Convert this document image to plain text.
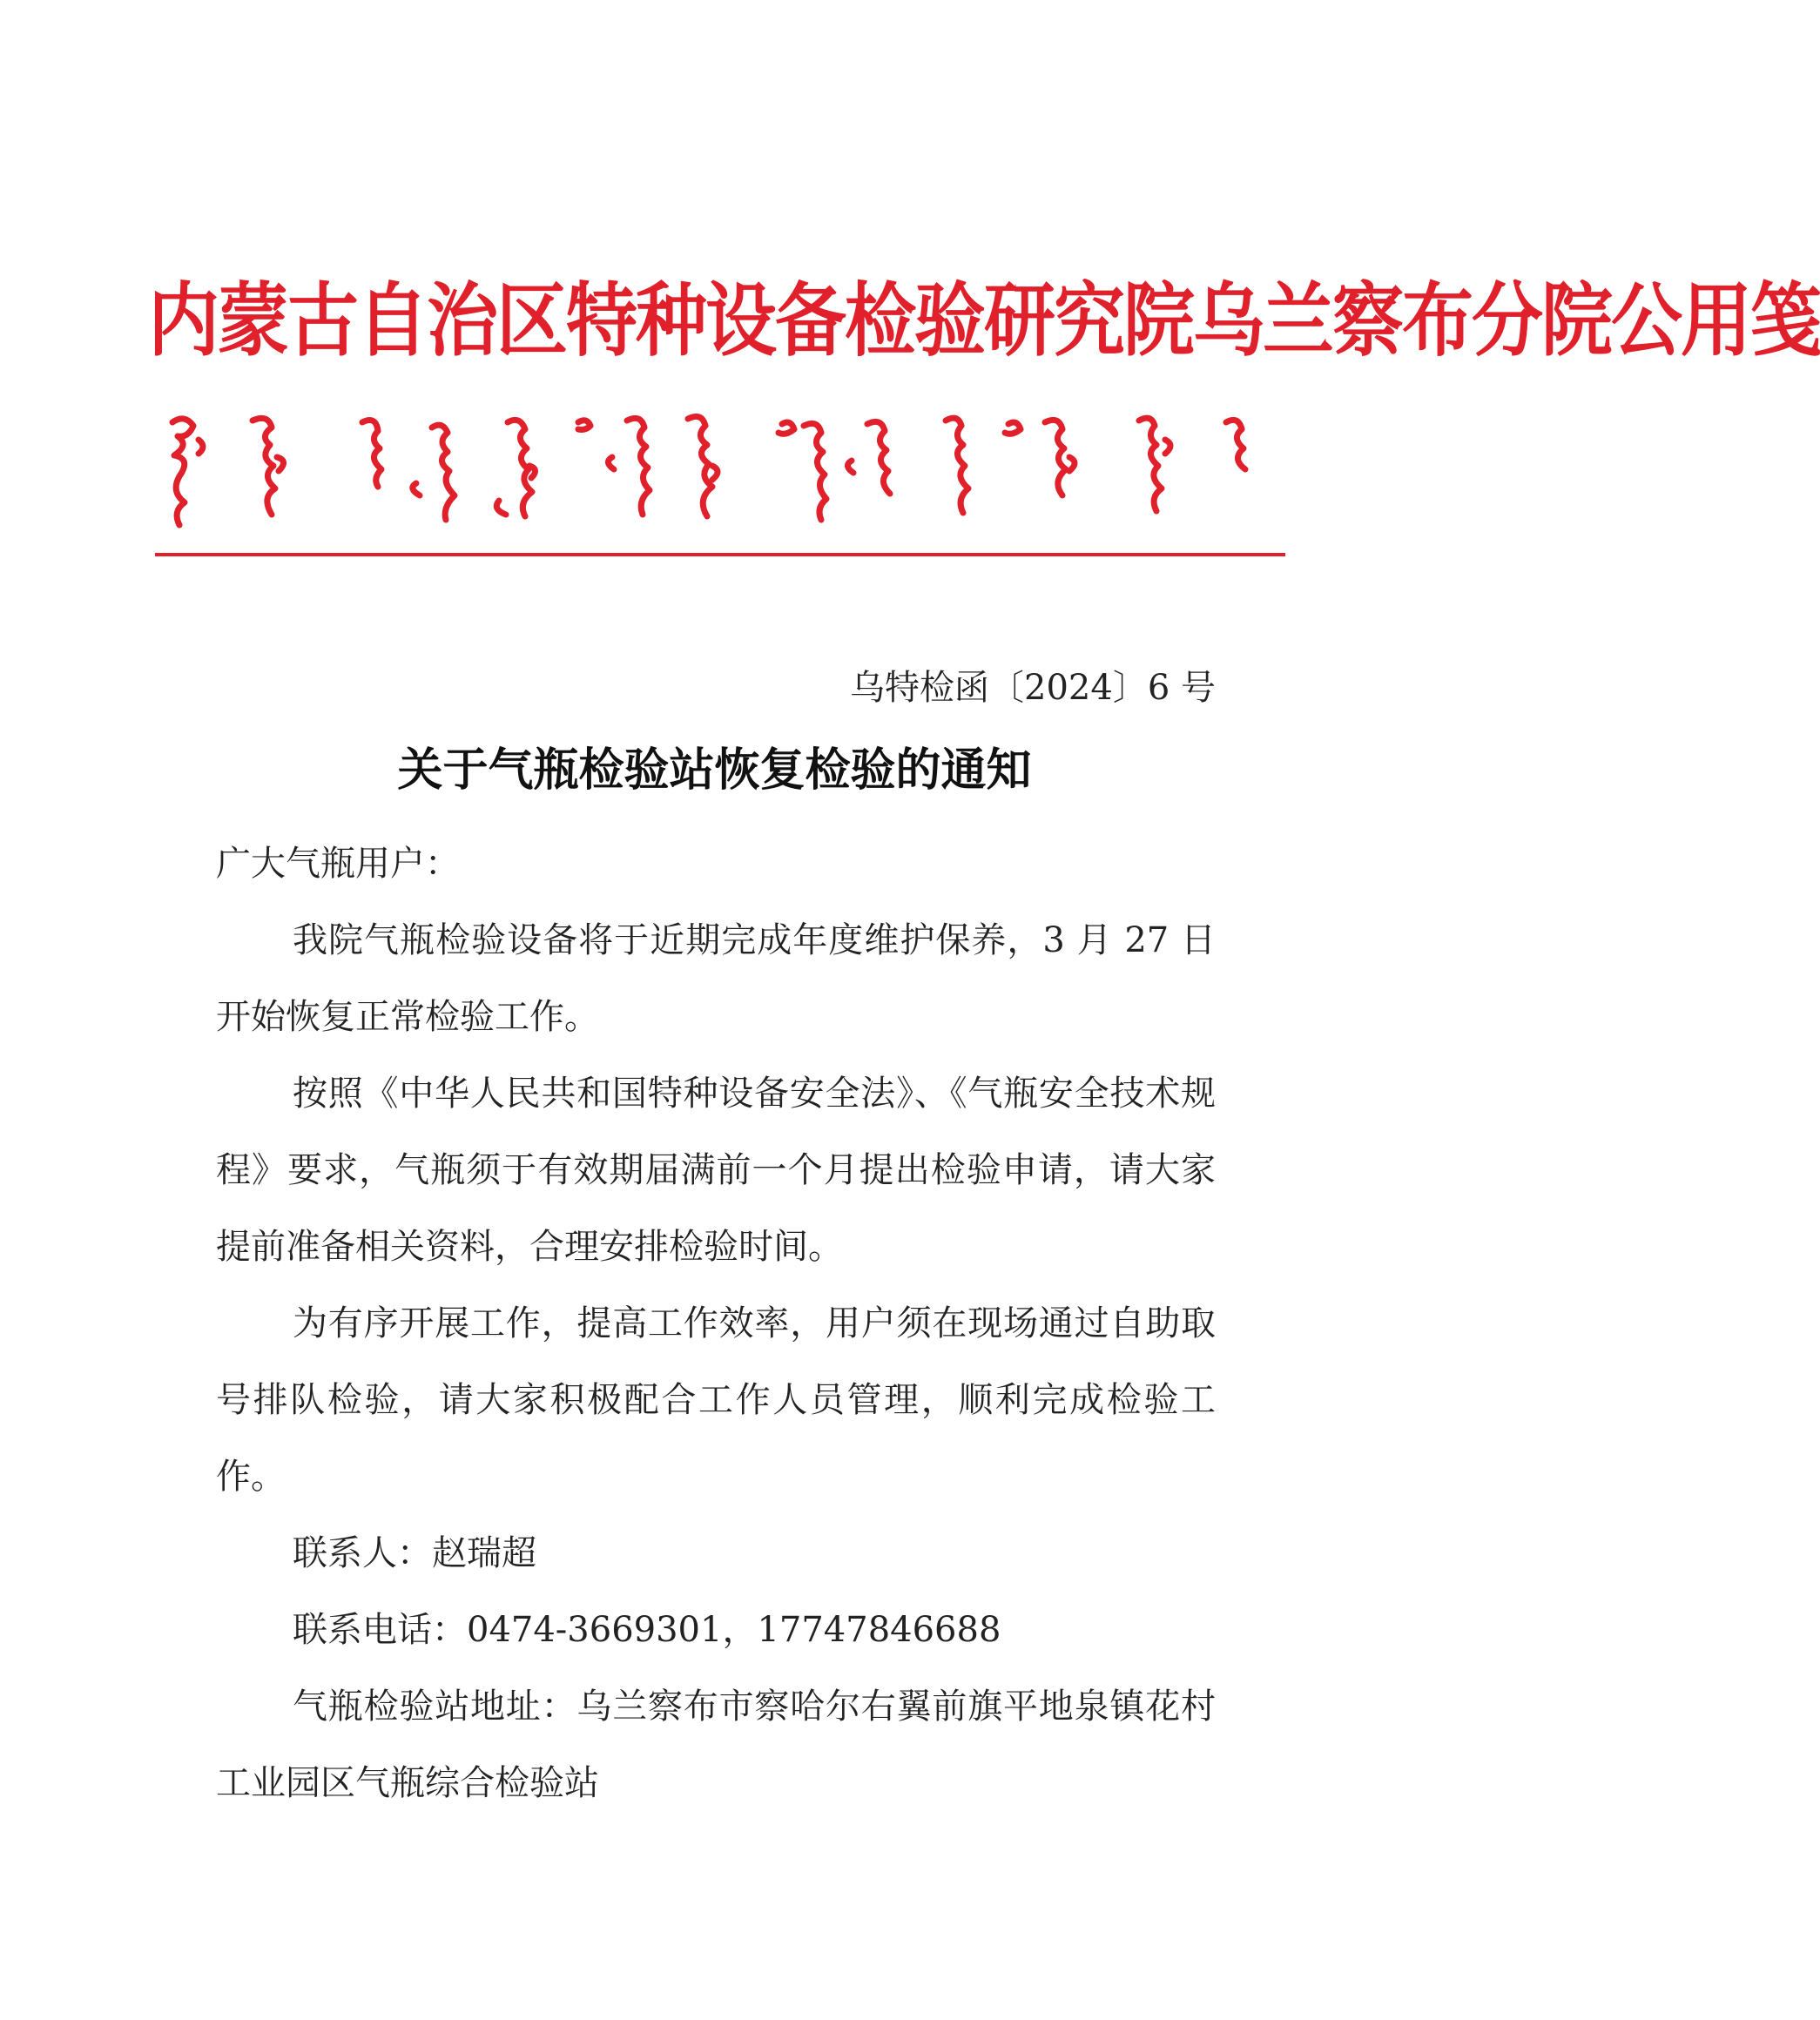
内蒙古自治区特种设备检验研究院乌兰察布分院公用笺
乌特检函〔2024〕6 号
关于气瓶检验站恢复检验的通知

广大气瓶用户：

我院气瓶检验设备将于近期完成年度维护保养，3 月 27 日开始恢复正常检验工作。

按照《中华人民共和国特种设备安全法》、《气瓶安全技术规程》要求，气瓶须于有效期届满前一个月提出检验申请，请大家提前准备相关资料，合理安排检验时间。

为有序开展工作，提高工作效率，用户须在现场通过自助取号排队检验，请大家积极配合工作人员管理，顺利完成检验工作。

联系人：赵瑞超

联系电话：0474-3669301，17747846688

气瓶检验站地址：乌兰察布市察哈尔右翼前旗平地泉镇花村工业园区气瓶综合检验站
